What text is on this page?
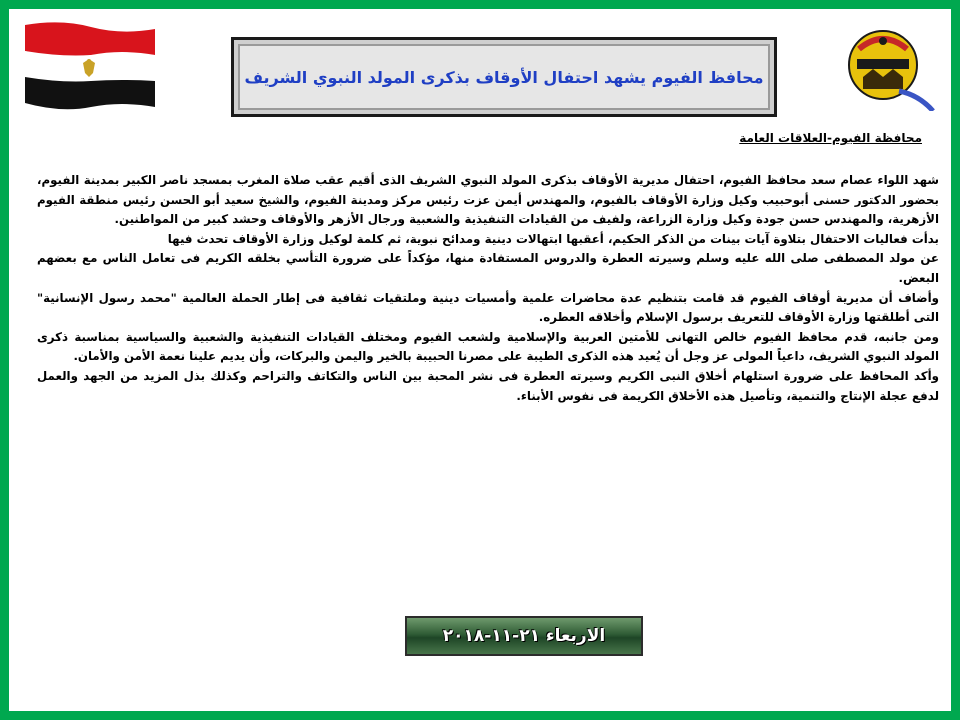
محافظ الفيوم يشهد احتفال الأوقاف بذكرى المولد النبوي الشريف
محافظة الفيوم-العلاقات العامة

شهد اللواء عصام سعد محافظ الفيوم، احتفال مديرية الأوقاف بذكرى المولد النبوي الشريف الذى أقيم عقب صلاة المغرب بمسجد ناصر الكبير بمدينة الفيوم، بحضور الدكتور حسنى أبوحبيب وكيل وزارة الأوقاف بالفيوم، والمهندس أيمن عزت رئيس مركز ومدينة الفيوم، والشيخ سعيد أبو الحسن رئيس منطقة الفيوم الأزهرية، والمهندس حسن جودة وكيل وزارة الزراعة، ولفيف من القيادات التنفيذية والشعبية ورجال الأزهر والأوقاف وحشد كبير من المواطنين.

بدأت فعاليات الاحتفال بتلاوة آيات بينات من الذكر الحكيم، أعقبها ابتهالات دينية ومدائح نبوية، ثم كلمة لوكيل وزارة الأوقاف تحدث فيها

عن مولد المصطفى صلى الله عليه وسلم وسيرته العطرة والدروس المستفادة منها، مؤكداً على ضرورة التأسي بخلقه الكريم فى تعامل الناس مع بعضهم البعض.

وأضاف أن مديرية أوقاف الفيوم قد قامت بتنظيم عدة محاضرات علمية وأمسيات دينية وملتقيات ثقافية فى إطار الحملة العالمية "محمد رسول الإنسانية" التى أطلقتها وزارة الأوقاف للتعريف برسول الإسلام وأخلاقه العطره.

ومن جانبه، قدم محافظ الفيوم خالص التهانى للأمتين العربية والإسلامية ولشعب الفيوم ومختلف القيادات التنفيذية والشعبية والسياسية بمناسبة ذكرى المولد النبوي الشريف، داعياً المولى عز وجل أن يُعيد هذه الذكرى الطيبة على مصرنا الحبيبة بالخير واليمن والبركات، وأن يديم علينا نعمة الأمن والأمان.

وأكد المحافظ على ضرورة استلهام أخلاق النبى الكريم وسيرته العطرة فى نشر المحبة بين الناس والتكاتف والتراحم وكذلك بذل المزيد من الجهد والعمل لدفع عجلة الإنتاج والتنمية، وتأصيل هذه الأخلاق الكريمة فى نفوس الأبناء.

الاربعاء ٢١-١١-٢٠١٨
